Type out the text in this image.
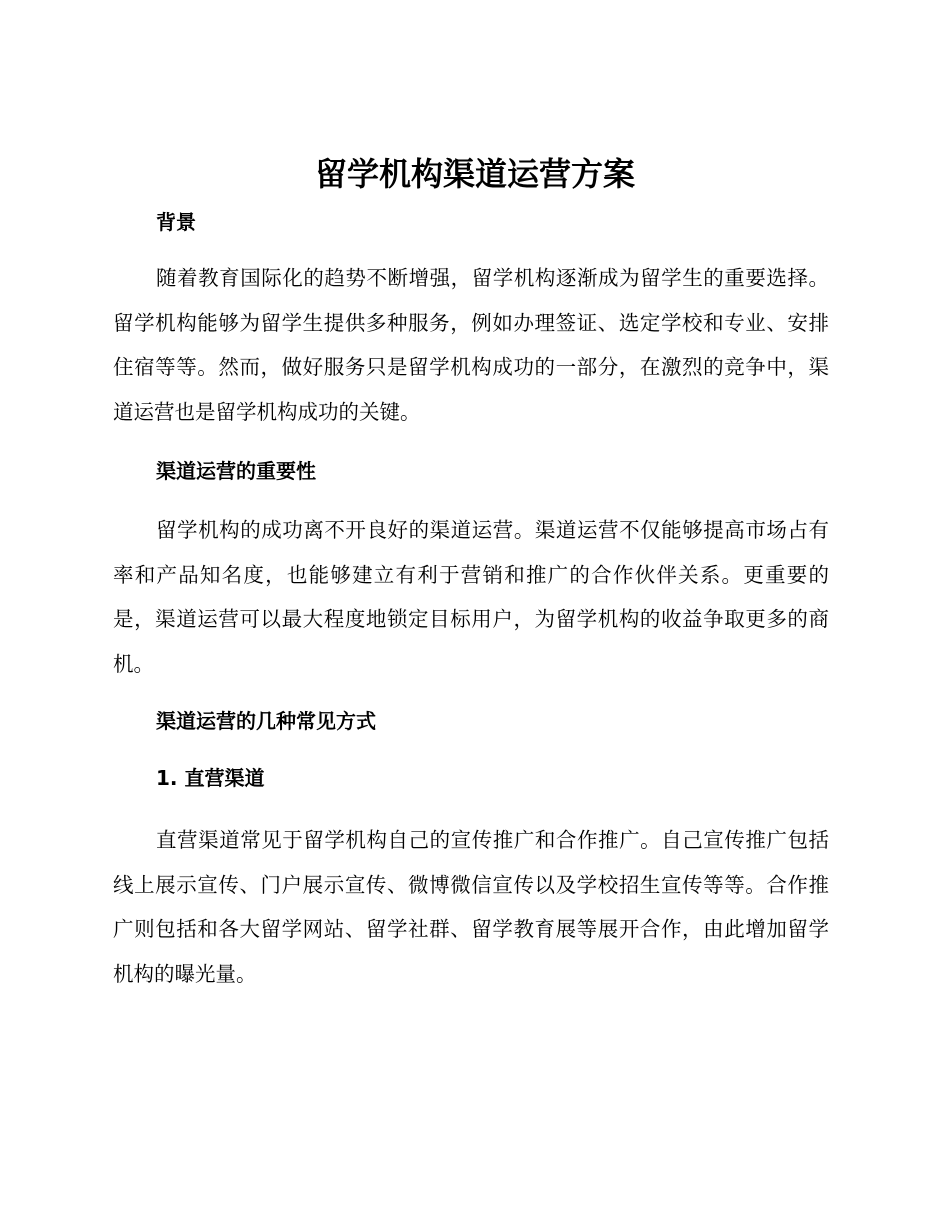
留学机构渠道运营方案
背景

随着教育国际化的趋势不断增强，留学机构逐渐成为留学生的重要选择。留学机构能够为留学生提供多种服务，例如办理签证、选定学校和专业、安排住宿等等。然而，做好服务只是留学机构成功的一部分，在激烈的竞争中，渠道运营也是留学机构成功的关键。

渠道运营的重要性

留学机构的成功离不开良好的渠道运营。渠道运营不仅能够提高市场占有率和产品知名度，也能够建立有利于营销和推广的合作伙伴关系。更重要的是，渠道运营可以最大程度地锁定目标用户，为留学机构的收益争取更多的商机。

渠道运营的几种常见方式
1. 直营渠道

直营渠道常见于留学机构自己的宣传推广和合作推广。自己宣传推广包括线上展示宣传、门户展示宣传、微博微信宣传以及学校招生宣传等等。合作推广则包括和各大留学网站、留学社群、留学教育展等展开合作，由此增加留学机构的曝光量。
